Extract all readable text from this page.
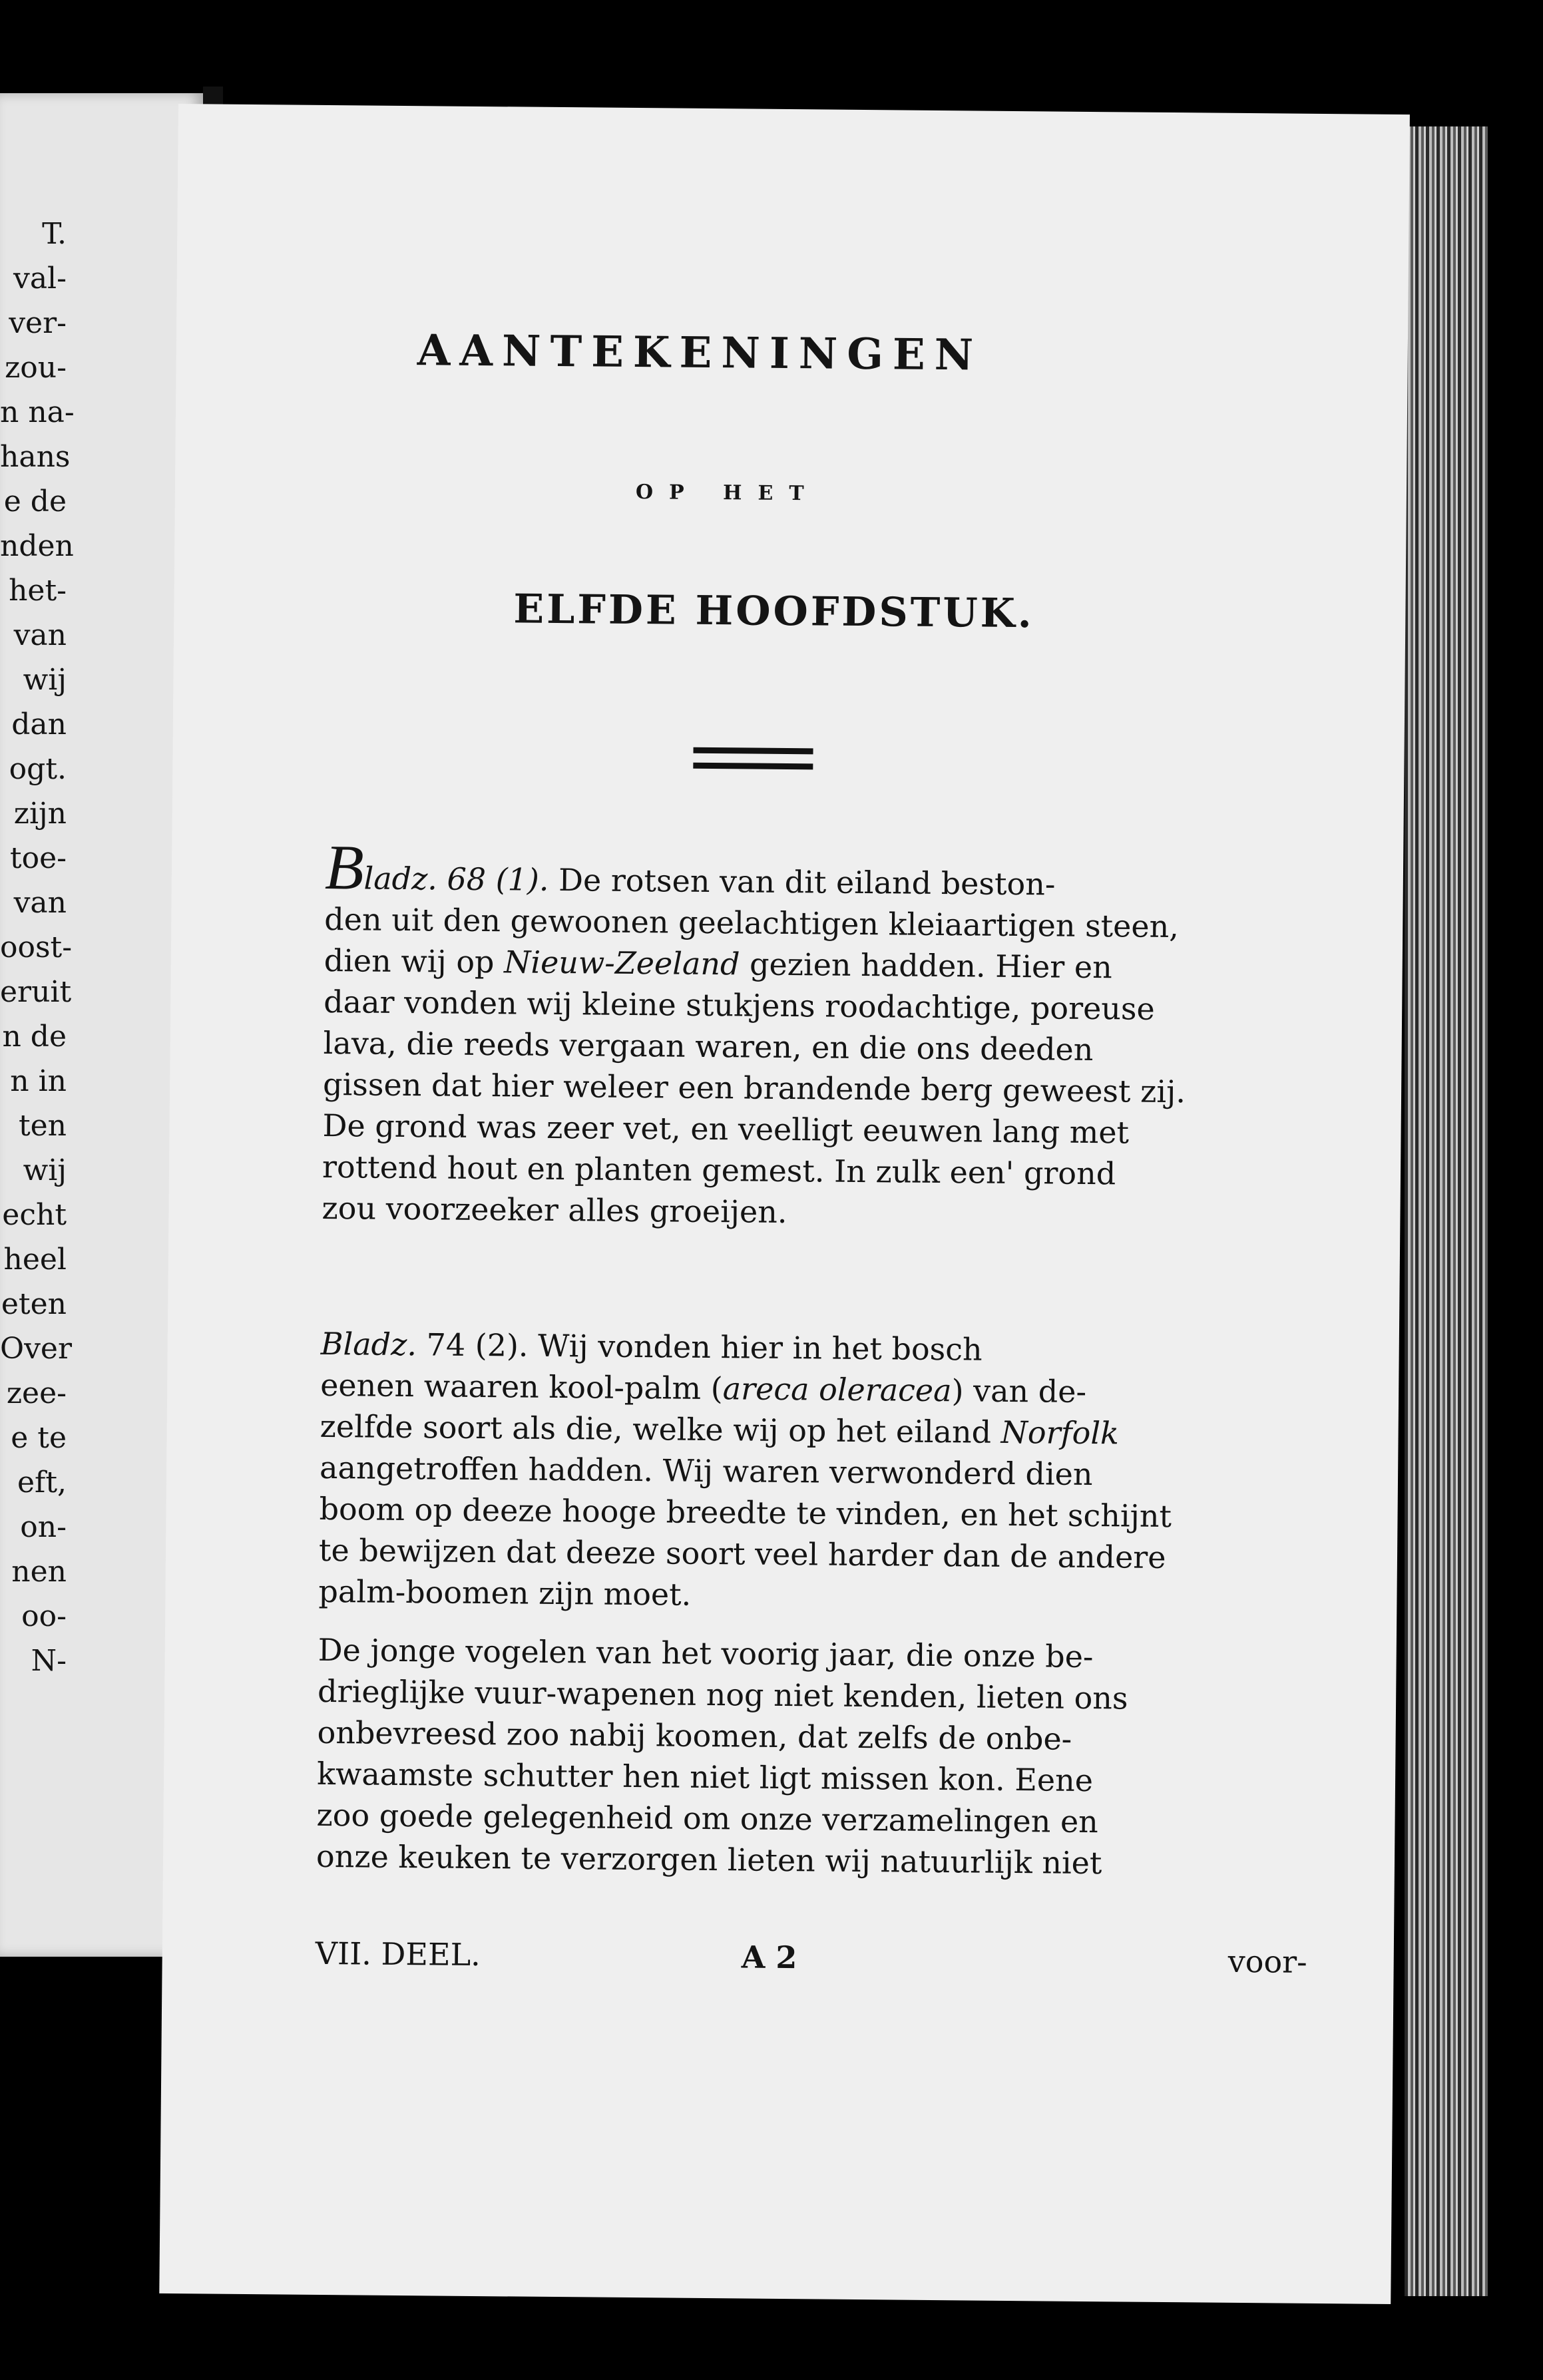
T.
val-
ver-
zou-
n na-
hans
e de
nden
het-
van
wij
dan
ogt.
zijn
toe-
van
oost-
eruit
n de
n in
ten
wij
echt
heel
eten
Over
zee-
e te
eft,
on-
nen
oo-
N-
AANTEKENINGEN
OP HET
ELFDE HOOFDSTUK.
Bladz. 68 (1). De rotsen van dit eiland beston-
den uit den gewoonen geelachtigen kleiaartigen steen,
dien wij op Nieuw-Zeeland gezien hadden. Hier en
daar vonden wij kleine stukjens roodachtige, poreuse
lava, die reeds vergaan waren, en die ons deeden
gissen dat hier weleer een brandende berg geweest zij.
De grond was zeer vet, en veelligt eeuwen lang met
rottend hout en planten gemest. In zulk een' grond
zou voorzeeker alles groeijen.
Bladz. 74 (2). Wij vonden hier in het bosch
eenen waaren kool-palm (areca oleracea) van de-
zelfde soort als die, welke wij op het eiland Norfolk
aangetroffen hadden. Wij waren verwonderd dien
boom op deeze hooge breedte te vinden, en het schijnt
te bewijzen dat deeze soort veel harder dan de andere
palm-boomen zijn moet.
De jonge vogelen van het voorig jaar, die onze be-
drieglijke vuur-wapenen nog niet kenden, lieten ons
onbevreesd zoo nabij koomen, dat zelfs de onbe-
kwaamste schutter hen niet ligt missen kon. Eene
zoo goede gelegenheid om onze verzamelingen en
onze keuken te verzorgen lieten wij natuurlijk niet
VII. DEEL.	A 2	voor-
